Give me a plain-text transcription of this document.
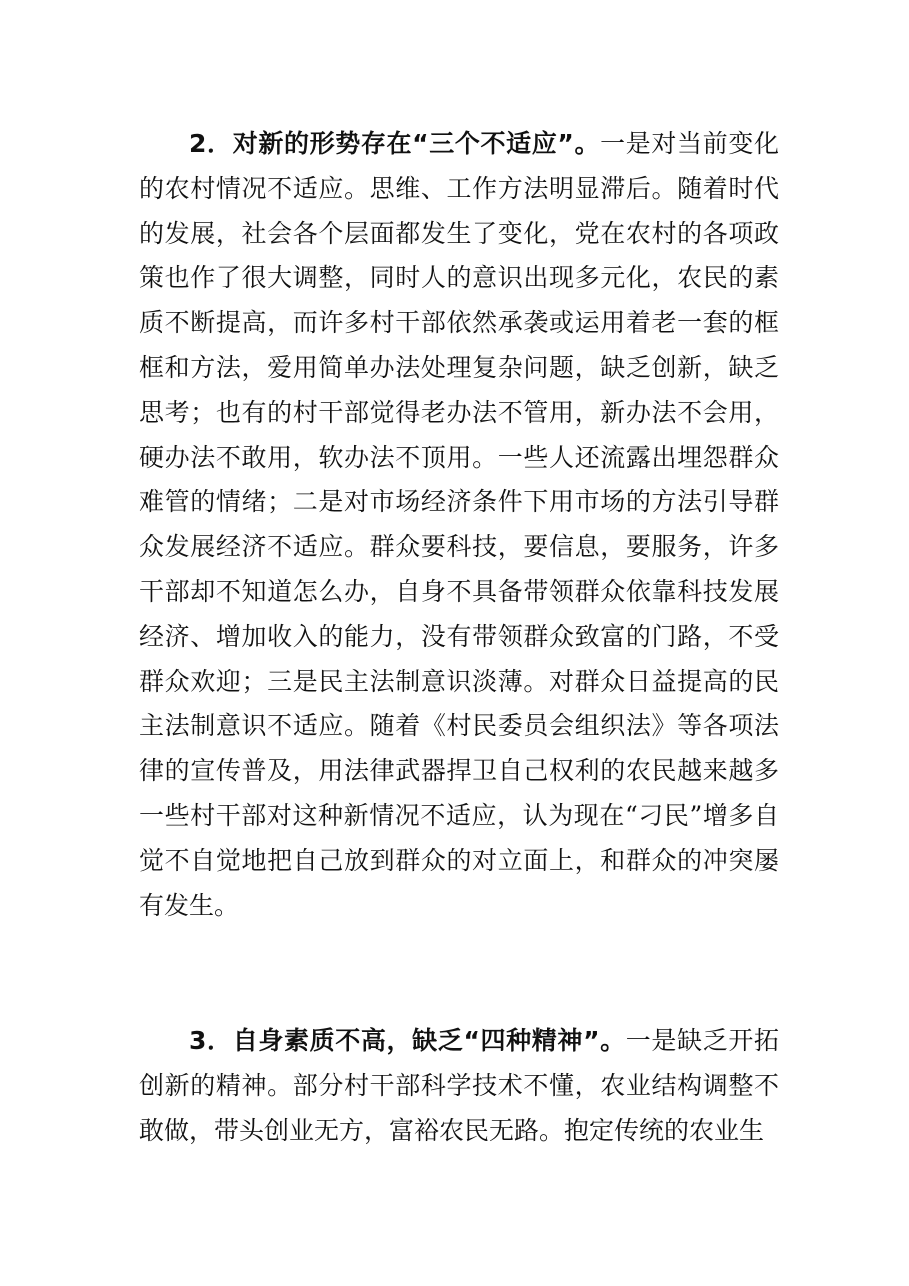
2．对新的形势存在“三个不适应”。一是对当前变化的农村情况不适应。思维、工作方法明显滞后。随着时代的发展，社会各个层面都发生了变化，党在农村的各项政策也作了很大调整，同时人的意识出现多元化，农民的素质不断提高，而许多村干部依然承袭或运用着老一套的框框和方法，爱用简单办法处理复杂问题，缺乏创新，缺乏思考；也有的村干部觉得老办法不管用，新办法不会用，硬办法不敢用，软办法不顶用。一些人还流露出埋怨群众难管的情绪；二是对市场经济条件下用市场的方法引导群众发展经济不适应。群众要科技，要信息，要服务，许多干部却不知道怎么办，自身不具备带领群众依靠科技发展经济、增加收入的能力，没有带领群众致富的门路，不受群众欢迎；三是民主法制意识淡薄。对群众日益提高的民主法制意识不适应。随着《村民委员会组织法》等各项法律的宣传普及，用法律武器捍卫自己权利的农民越来越多一些村干部对这种新情况不适应，认为现在“刁民”增多自觉不自觉地把自己放到群众的对立面上，和群众的冲突屡有发生。

3．自身素质不高，缺乏“四种精神”。一是缺乏开拓创新的精神。部分村干部科学技术不懂，农业结构调整不敢做，带头创业无方，富裕农民无路。抱定传统的农业生
